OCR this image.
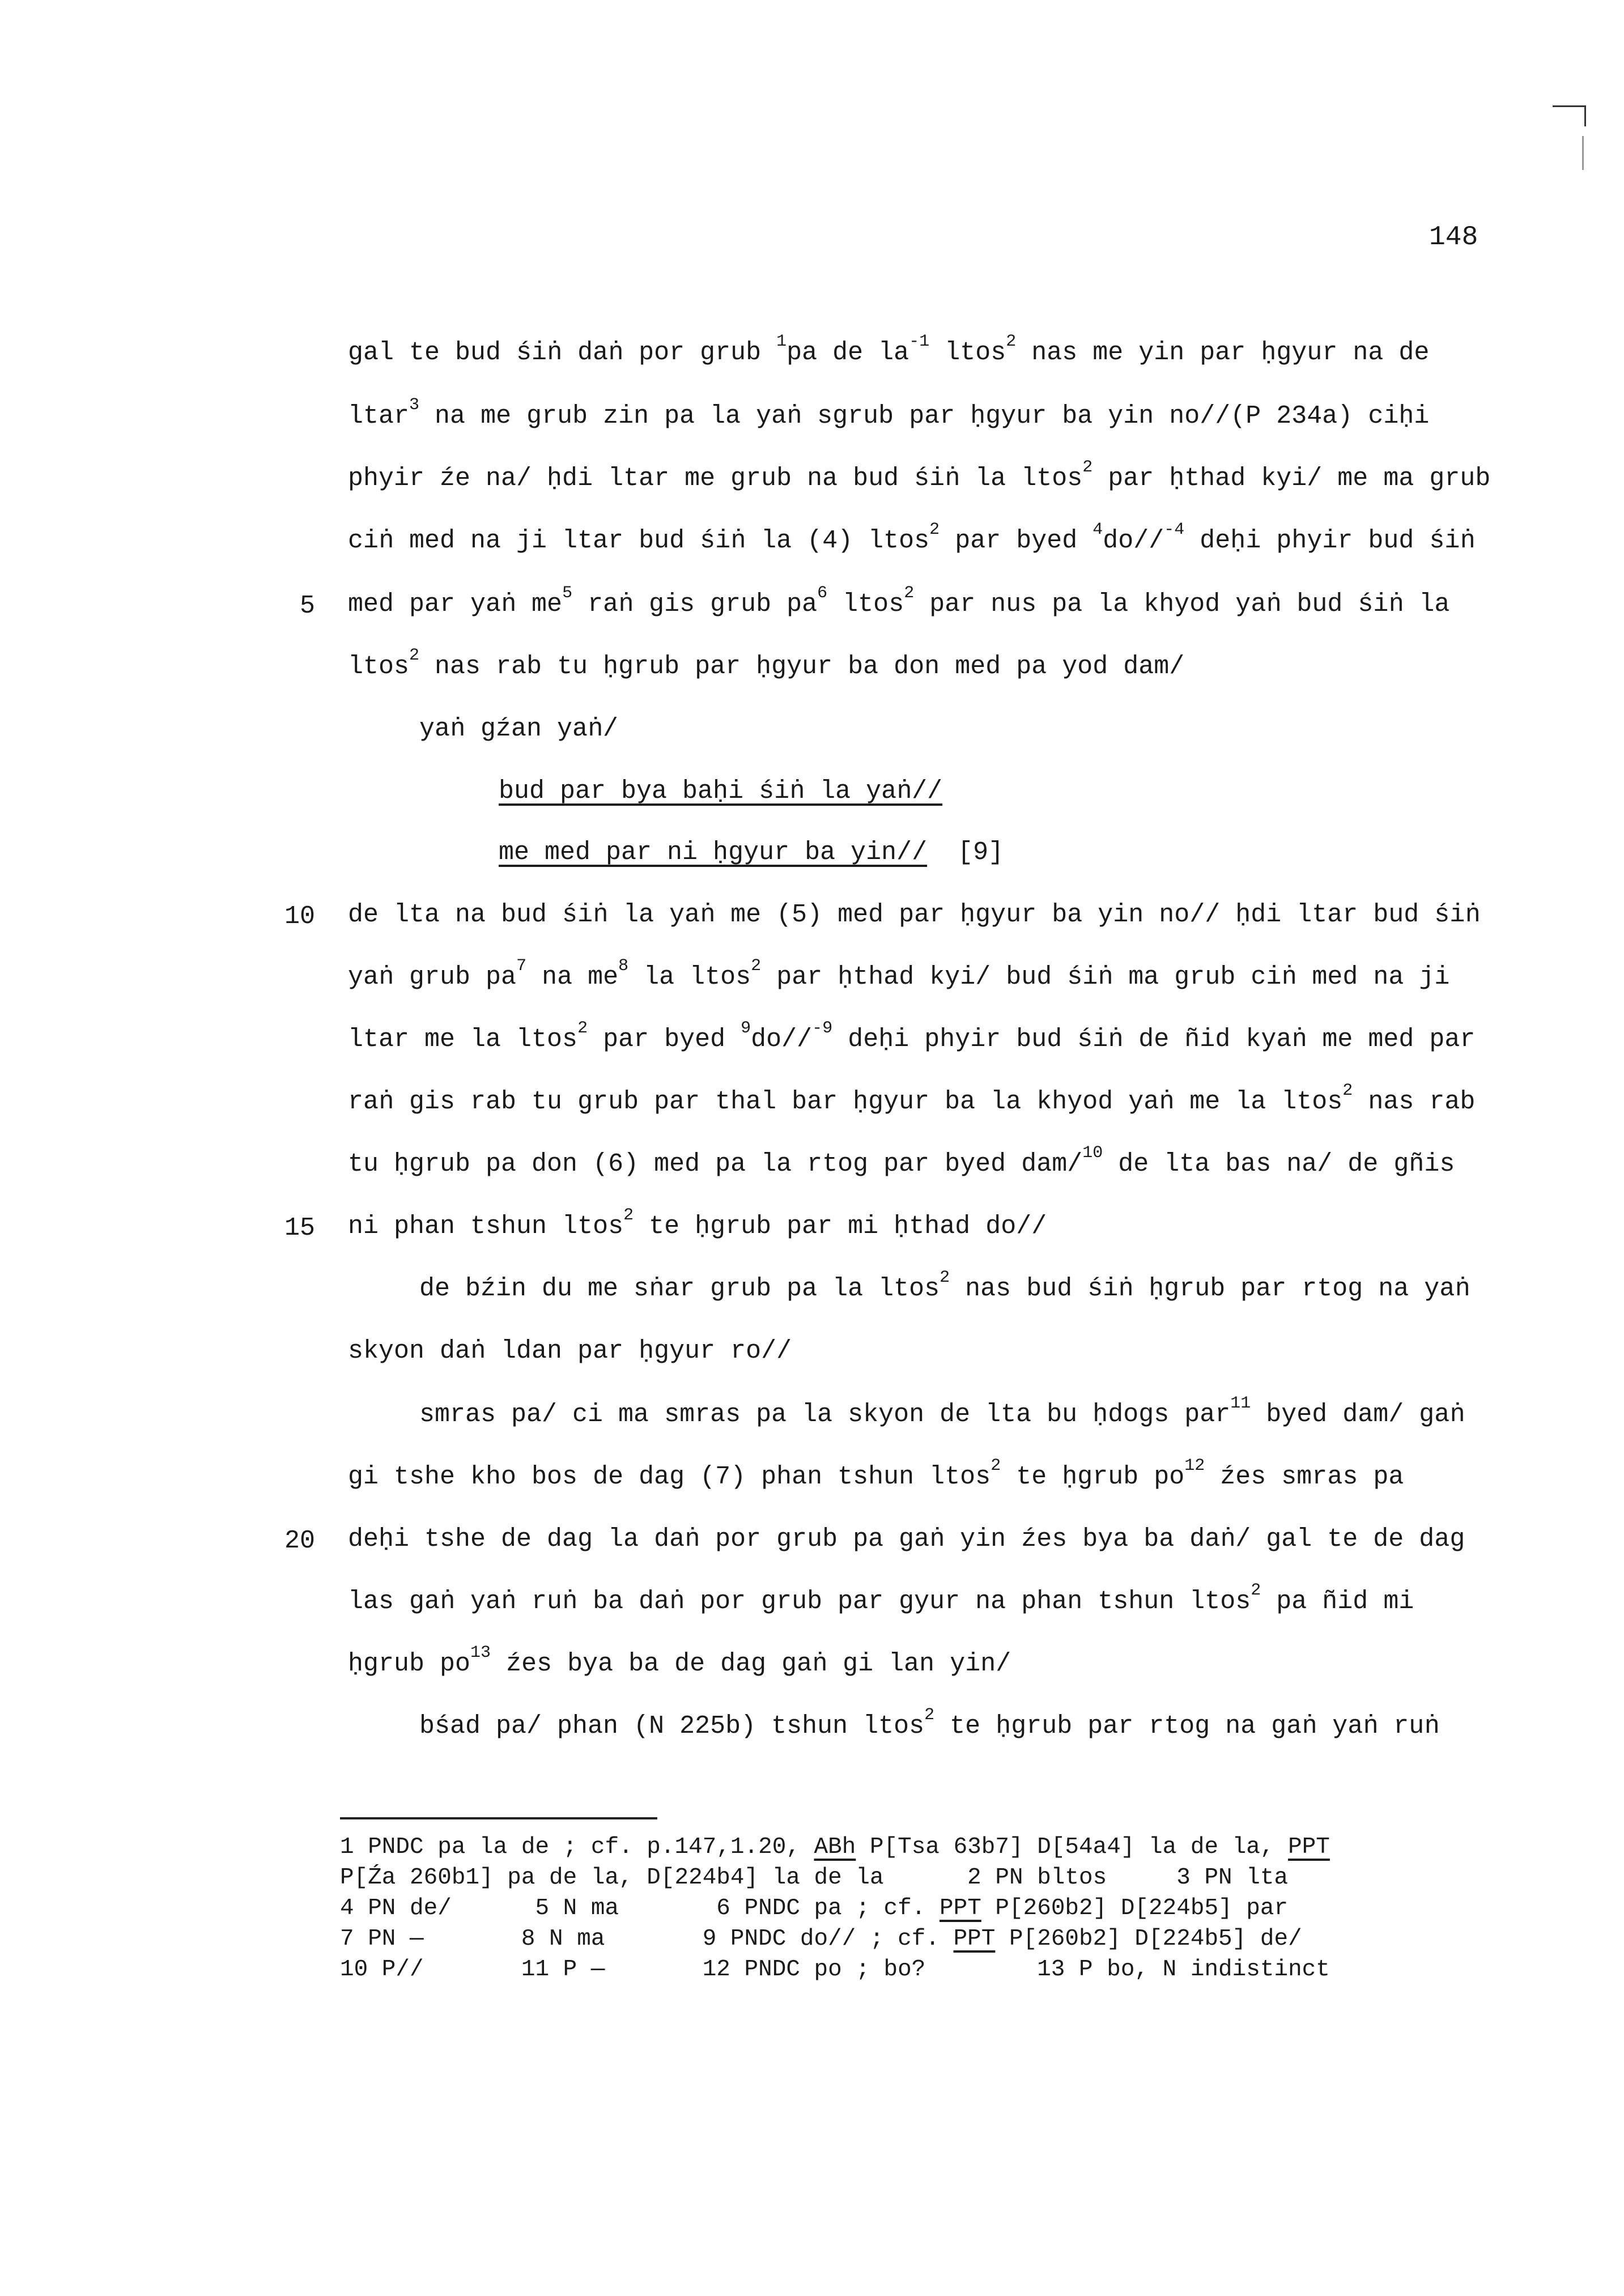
148
gal te bud śiṅ daṅ por grub $^1$pa de $la^{-1}$ ltos$^2$ nas me yin par ḥgyur na de
ltar$^3$ na me grub zin pa la yaṅ sgrub par ḥgyur ba yin no//(P 234a) ciḥi
phyir źe na/ ḥdi ltar me grub na bud śiṅ la ltos$^2$ par ḥthad kyi/ me ma grub
ciṅ med na ji ltar bud śiṅ la (4) ltos$^2$ par byed $^4$do//$^{-4}$ deḥi phyir bud śiṅ
med par yaṅ $me^5$ raṅ gis grub $pa^6$ ltos$^2$ par nus pa la khyod yaṅ bud śiṅ la
ltos$^2$ nas rab tu ḥgrub par ḥgyur ba don med pa yod dam/
yaṅ gźan yaṅ/
bud par bya baḥi śiṅ la yaṅ//
me med par ni ḥgyur ba yin//  [9]
de lta na bud śiṅ la yaṅ me (5) med par ḥgyur ba yin no// ḥdi ltar bud śiṅ
yaṅ grub $pa^7$ na $me^8$ la ltos$^2$ par ḥthad kyi/ bud śiṅ ma grub ciṅ med na ji
ltar me la ltos$^2$ par byed $^9$do//$^{-9}$ deḥi phyir bud śiṅ de ñid kyaṅ me med par
raṅ gis rab tu grub par thal bar ḥgyur ba la khyod yaṅ me la ltos$^2$ nas rab
tu ḥgrub pa don (6) med pa la rtog par byed dam/$^{10}$ de lta bas na/ de gñis
ni phan tshun ltos$^2$ te ḥgrub par mi ḥthad do//
de bźin du me sṅar grub pa la ltos$^2$ nas bud śiṅ ḥgrub par rtog na yaṅ
skyon daṅ ldan par ḥgyur ro//
smras pa/ ci ma smras pa la skyon de lta bu ḥdogs par$^{11}$ byed dam/ gaṅ
gi tshe kho bos de dag (7) phan tshun ltos$^2$ te ḥgrub $po^{12}$ źes smras pa
deḥi tshe de dag la daṅ por grub pa gaṅ yin źes bya ba daṅ/ gal te de dag
las gaṅ yaṅ ruṅ ba daṅ por grub par gyur na phan tshun ltos$^2$ pa ñid mi
ḥgrub $po^{13}$ źes bya ba de dag gaṅ gi lan yin/
bśad pa/ phan (N 225b) tshun ltos$^2$ te ḥgrub par rtog na gaṅ yaṅ ruṅ
5
10
15
20
1 PNDC pa la de ; cf. p.147,1.20, ABh P[Tsa 63b7] D[54a4] la de la, PPT
P[Źa 260b1] pa de la, D[224b4] la de la      2 PN bltos     3 PN lta
4 PN de/      5 N ma       6 PNDC pa ; cf. PPT P[260b2] D[224b5] par
7 PN —       8 N ma       9 PNDC do// ; cf. PPT P[260b2] D[224b5] de/
10 P//       11 P —       12 PNDC po ; bo?        13 P bo, N indistinct
